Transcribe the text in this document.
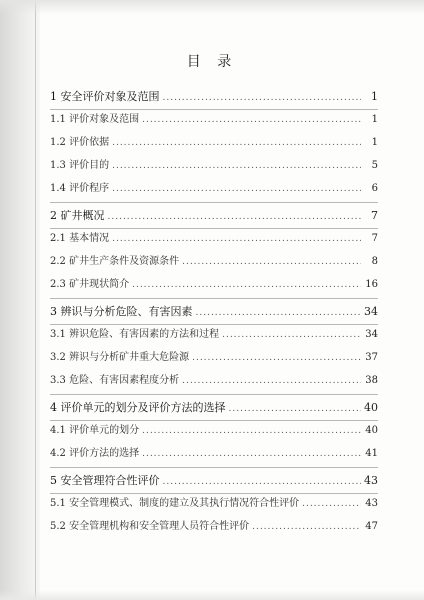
目 录
1 安全评价对象及范围 .....	1
1.1 评价对象及范围 .....	1
1.2 评价依据 .....	1
1.3 评价目的 .....	5
1.4 评价程序 .....	6
2 矿井概况 .....	7
2.1 基本情况 .....	7
2.2 矿井生产条件及资源条件 .....	8
2.3 矿井现状简介 .....	16
3 辨识与分析危险、有害因素 .....	34
3.1 辨识危险、有害因素的方法和过程 .....	34
3.2 辨识与分析矿井重大危险源 .....	37
3.3 危险、有害因素程度分析 .....	38
4 评价单元的划分及评价方法的选择 .....	40
4.1 评价单元的划分 .....	40
4.2 评价方法的选择 .....	41
5 安全管理符合性评价 .....	43
5.1 安全管理模式、制度的建立及其执行情况符合性评价 .....	43
5.2 安全管理机构和安全管理人员符合性评价 .....	47
